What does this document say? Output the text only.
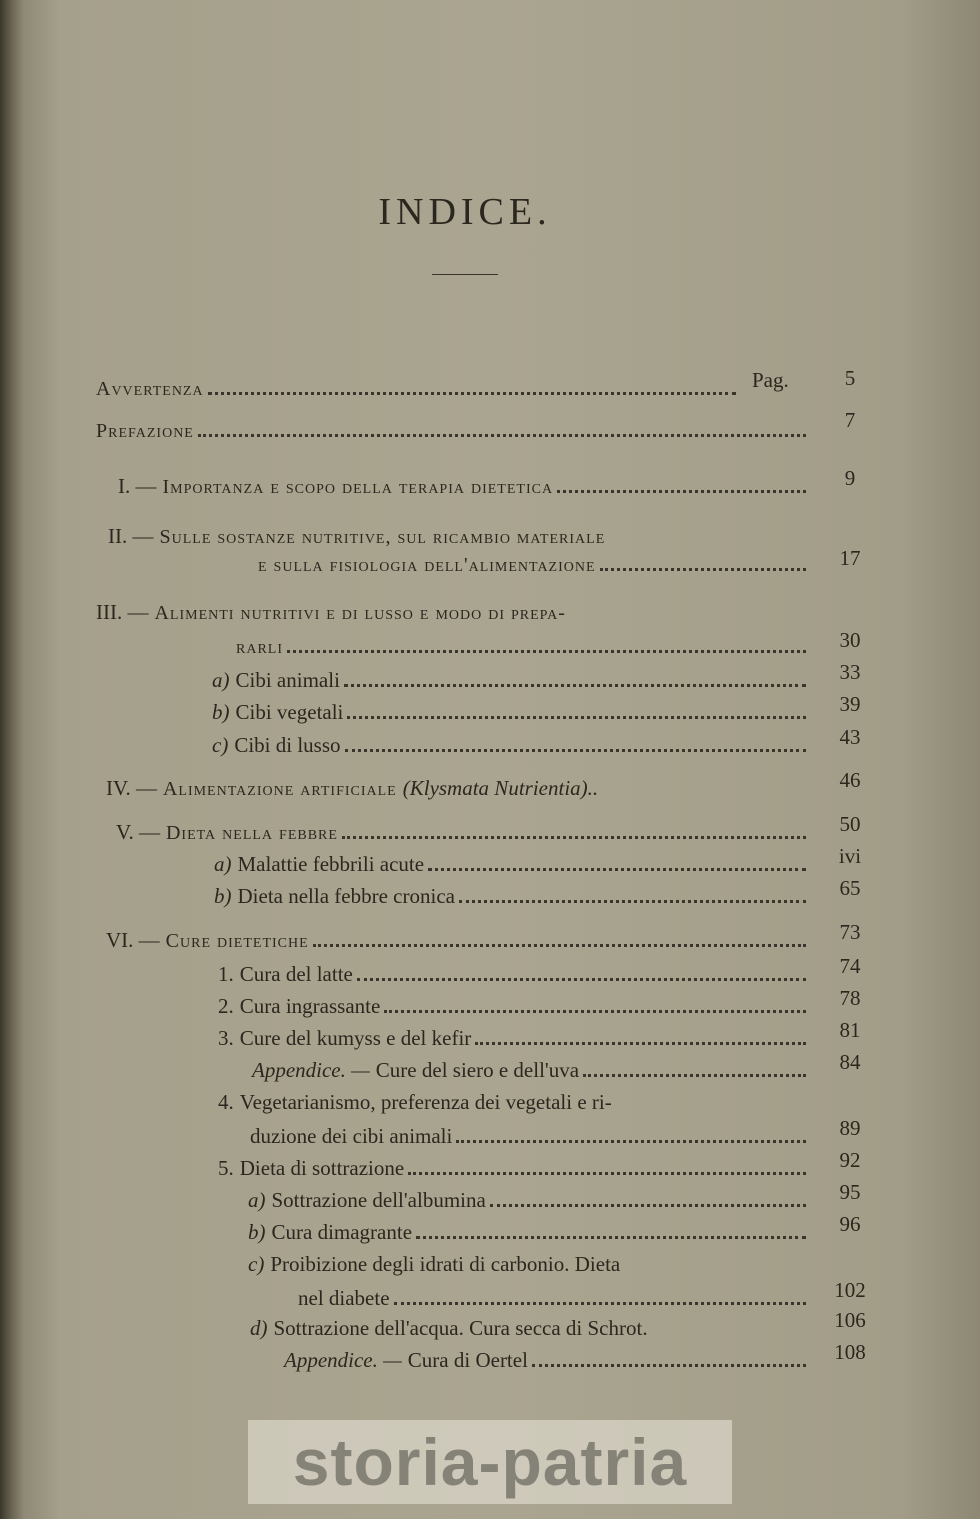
INDICE.
Avvertenza	Pag.	5
Prefazione	7
I. — Importanza e scopo della terapia dietetica	9
II. — Sulle sostanze nutritive, sul ricambio materiale
e sulla fisiologia dell'alimentazione	17
III. — Alimenti nutritivi e di lusso e modo di prepa-
rarli	30
a) Cibi animali	33
b) Cibi vegetali	39
c) Cibi di lusso	43
IV. — Alimentazione artificiale (Klysmata Nutrientia)..	46
V. — Dieta nella febbre	50
a) Malattie febbrili acute	ivi
b) Dieta nella febbre cronica	65
VI. — Cure dietetiche	73
1. Cura del latte	74
2. Cura ingrassante	78
3. Cure del kumyss e del kefir	81
Appendice. — Cure del siero e dell'uva	84
4. Vegetarianismo, preferenza dei vegetali e ri-
duzione dei cibi animali	89
5. Dieta di sottrazione	92
a) Sottrazione dell'albumina	95
b) Cura dimagrante	96
c) Proibizione degli idrati di carbonio. Dieta
nel diabete	102
d) Sottrazione dell'acqua. Cura secca di Schrot.	106
Appendice. — Cura di Oertel	108
storia-patria
